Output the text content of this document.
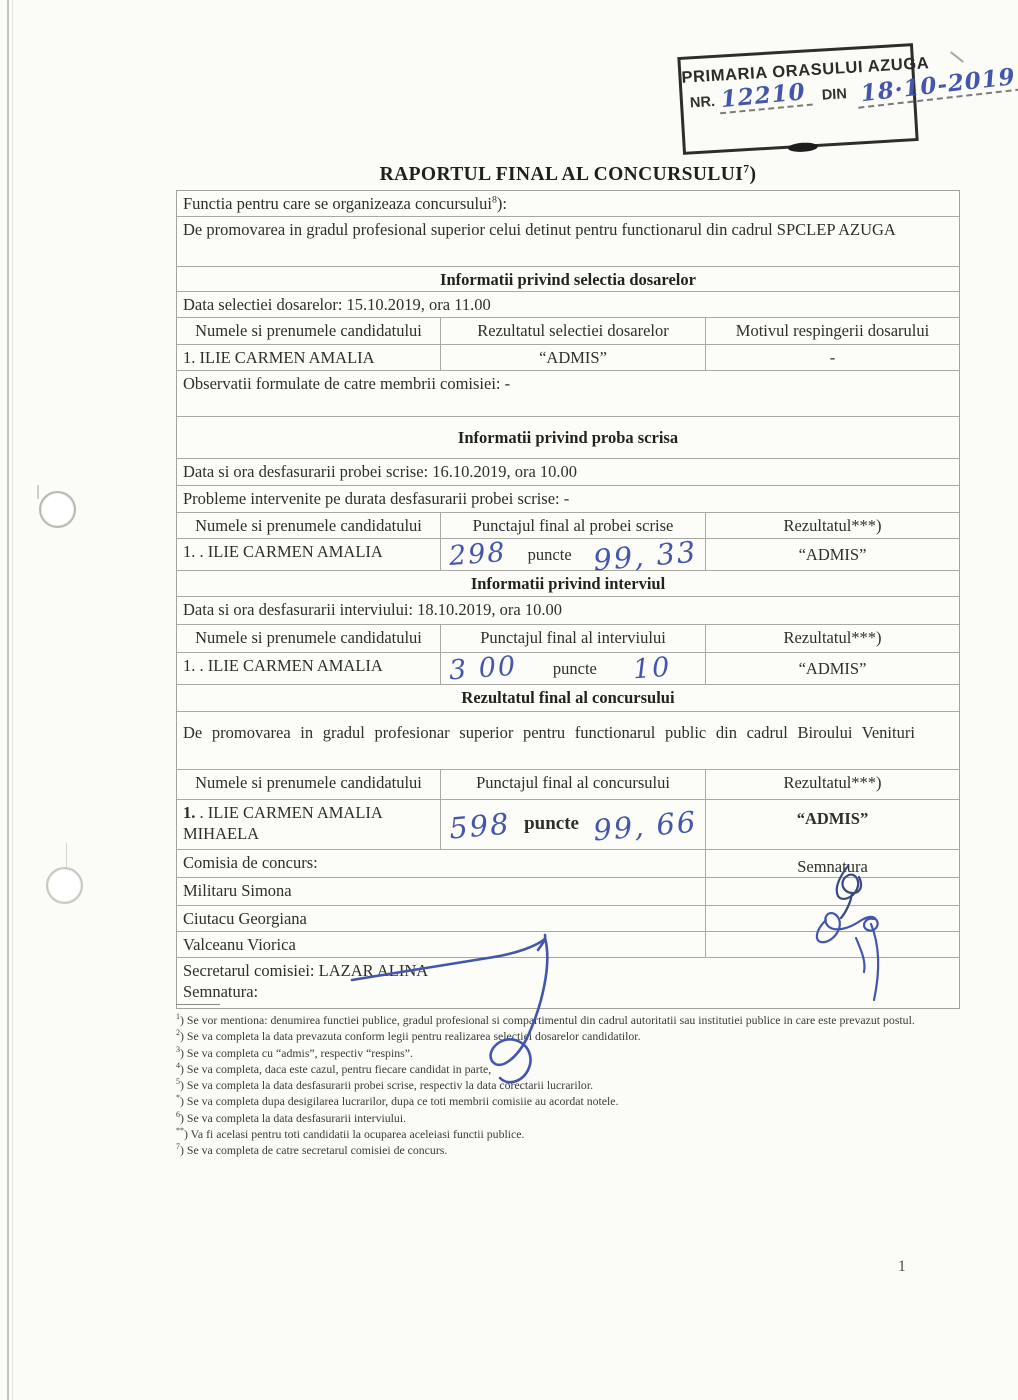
PRIMARIA ORASULUI AZUGA
NR. 12210	DIN 18·10-2019
RAPORTUL FINAL AL CONCURSULUI$^7$)
Functia pentru care se organizeaza concursului$^8$):
De promovarea in gradul profesional superior celui detinut pentru functionarul din cadrul SPCLEP AZUGA
Informatii privind selectia dosarelor
Data selectiei dosarelor: 15.10.2019, ora 11.00
Numele si prenumele candidatului	Rezultatul selectiei dosarelor	Motivul respingerii dosarului
1. ILIE CARMEN AMALIA	“ADMIS”	-
Observatii formulate de catre membrii comisiei: -
Informatii privind proba scrisa
Data si ora desfasurarii probei scrise: 16.10.2019, ora 10.00
Probleme intervenite pe durata desfasurarii probei scrise: -
Numele si prenumele candidatului	Punctajul final al probei scrise	Rezultatul***)
1. . ILIE CARMEN AMALIA	298 puncte 99, 33	“ADMIS”
Informatii privind interviul
Data si ora desfasurarii interviului: 18.10.2019, ora 10.00
Numele si prenumele candidatului	Punctajul final al interviului	Rezultatul***)
1. . ILIE CARMEN AMALIA	3 00 puncte 10	“ADMIS”
Rezultatul final al concursului
De promovarea in gradul profesionar superior pentru functionarul public din cadrul Biroului Venituri
Numele si prenumele candidatului	Punctajul final al concursului	Rezultatul***)
1. . ILIE CARMEN AMALIA MIHAELA	598 puncte 99, 66	“ADMIS”
Comisia de concurs:	Semnatura
Militaru Simona
Ciutacu Georgiana
Valceanu Viorica
Secretarul comisiei: LAZAR ALINA
Semnatura:

$^1$) Se vor mentiona: denumirea functiei publice, gradul profesional si compartimentul din cadrul autoritatii sau institutiei publice in care este prevazut postul.

$^2$) Se va completa la data prevazuta conform legii pentru realizarea selectiei dosarelor candidatilor.

$^3$) Se va completa cu “admis”, respectiv “respins”.

$^4$) Se va completa, daca este cazul, pentru fiecare candidat in parte,

$^5$) Se va completa la data desfasurarii probei scrise, respectiv la data corectarii lucrarilor.

*) Se va completa dupa desigilarea lucrarilor, dupa ce toti membrii comisiie au acordat notele.

$^6$) Se va completa la data desfasurarii interviului.

**) Va fi acelasi pentru toti candidatii la ocuparea aceleiasi functii publice.

$^7$) Se va completa de catre secretarul comisiei de concurs.

1
